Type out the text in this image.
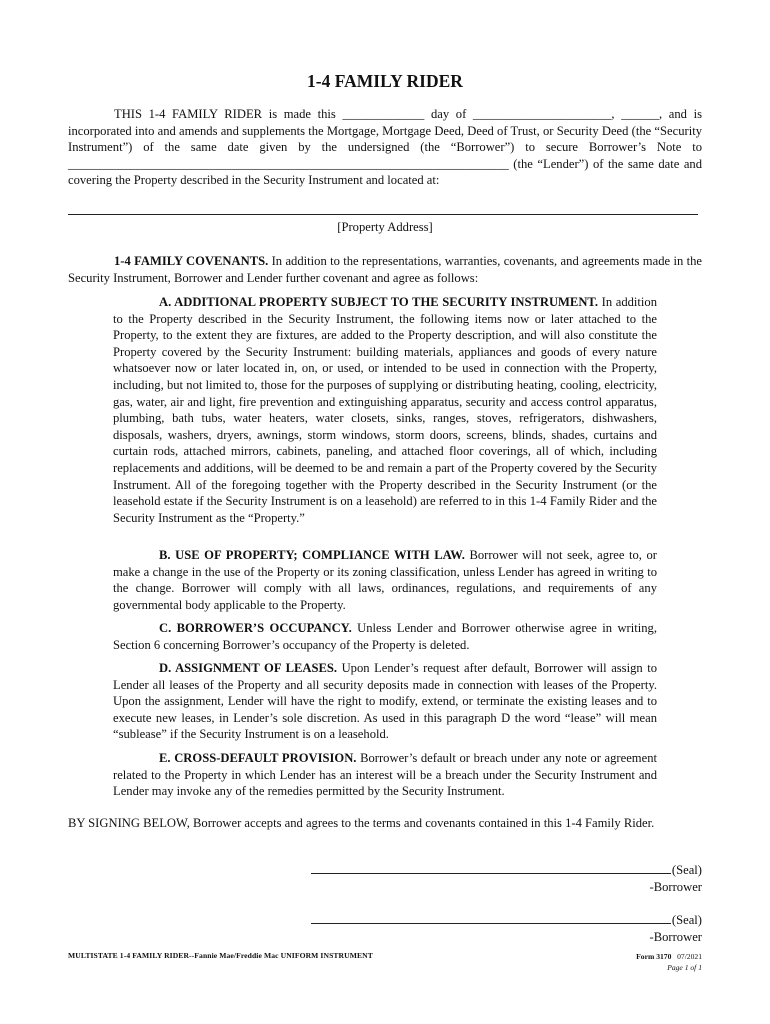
1-4 FAMILY RIDER
THIS 1-4 FAMILY RIDER is made this _____________ day of ______________________, ______, and is incorporated into and amends and supplements the Mortgage, Mortgage Deed, Deed of Trust, or Security Deed (the “Security Instrument”) of the same date given by the undersigned (the “Borrower”) to secure Borrower’s Note to ______________________________________________________________________ (the “Lender”) of the same date and covering the Property described in the Security Instrument and located at:
[Property Address]
1-4 FAMILY COVENANTS. In addition to the representations, warranties, covenants, and agreements made in the Security Instrument, Borrower and Lender further covenant and agree as follows:
A. ADDITIONAL PROPERTY SUBJECT TO THE SECURITY INSTRUMENT. In addition to the Property described in the Security Instrument, the following items now or later attached to the Property, to the extent they are fixtures, are added to the Property description, and will also constitute the Property covered by the Security Instrument: building materials, appliances and goods of every nature whatsoever now or later located in, on, or used, or intended to be used in connection with the Property, including, but not limited to, those for the purposes of supplying or distributing heating, cooling, electricity, gas, water, air and light, fire prevention and extinguishing apparatus, security and access control apparatus, plumbing, bath tubs, water heaters, water closets, sinks, ranges, stoves, refrigerators, dishwashers, disposals, washers, dryers, awnings, storm windows, storm doors, screens, blinds, shades, curtains and curtain rods, attached mirrors, cabinets, paneling, and attached floor coverings, all of which, including replacements and additions, will be deemed to be and remain a part of the Property covered by the Security Instrument. All of the foregoing together with the Property described in the Security Instrument (or the leasehold estate if the Security Instrument is on a leasehold) are referred to in this 1-4 Family Rider and the Security Instrument as the “Property.”
B. USE OF PROPERTY; COMPLIANCE WITH LAW. Borrower will not seek, agree to, or make a change in the use of the Property or its zoning classification, unless Lender has agreed in writing to the change. Borrower will comply with all laws, ordinances, regulations, and requirements of any governmental body applicable to the Property.
C. BORROWER’S OCCUPANCY. Unless Lender and Borrower otherwise agree in writing, Section 6 concerning Borrower’s occupancy of the Property is deleted.
D. ASSIGNMENT OF LEASES. Upon Lender’s request after default, Borrower will assign to Lender all leases of the Property and all security deposits made in connection with leases of the Property. Upon the assignment, Lender will have the right to modify, extend, or terminate the existing leases and to execute new leases, in Lender’s sole discretion. As used in this paragraph D the word “lease” will mean “sublease” if the Security Instrument is on a leasehold.
E. CROSS-DEFAULT PROVISION. Borrower’s default or breach under any note or agreement related to the Property in which Lender has an interest will be a breach under the Security Instrument and Lender may invoke any of the remedies permitted by the Security Instrument.
BY SIGNING BELOW, Borrower accepts and agrees to the terms and covenants contained in this 1-4 Family Rider.
(Seal)
-Borrower
(Seal)
-Borrower
MULTISTATE 1-4 FAMILY RIDER--Fannie Mae/Freddie Mac UNIFORM INSTRUMENT	Form 3170 07/2021
Page 1 of 1
